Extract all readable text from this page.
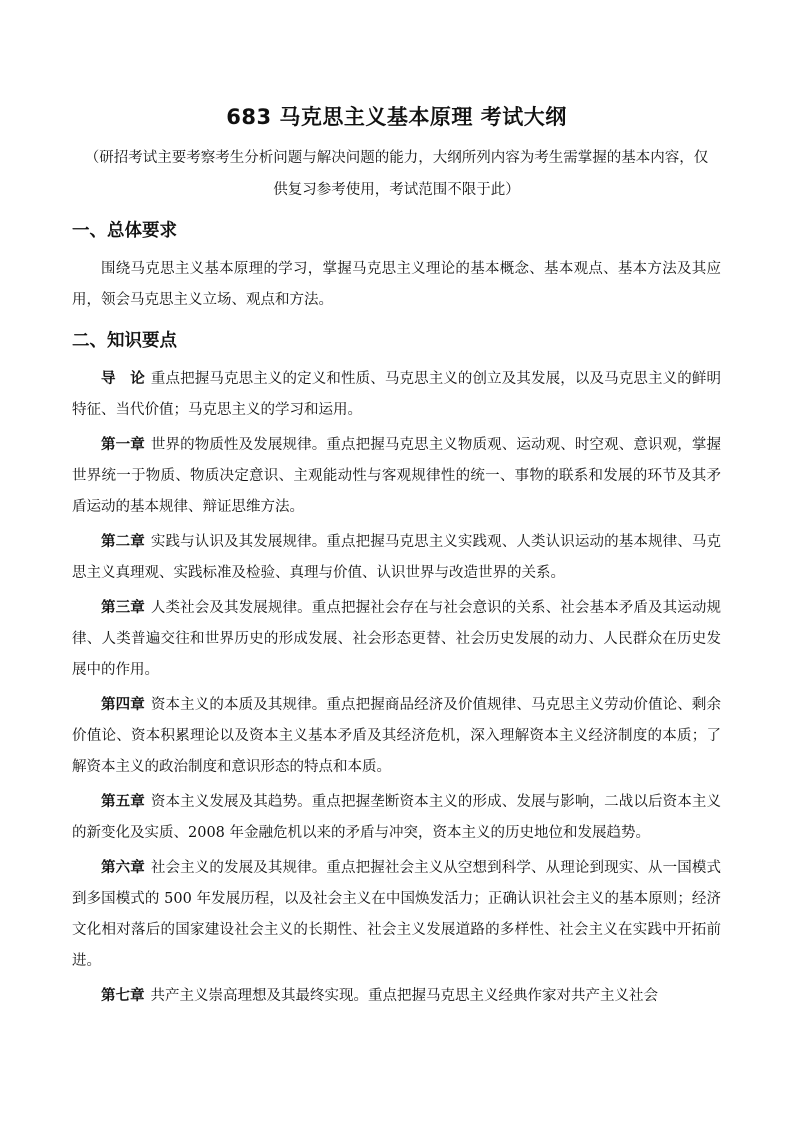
683 马克思主义基本原理 考试大纲
（研招考试主要考察考生分析问题与解决问题的能力，大纲所列内容为考生需掌握的基本内容，仅供复习参考使用，考试范围不限于此）
一、总体要求

围绕马克思主义基本原理的学习，掌握马克思主义理论的基本概念、基本观点、基本方法及其应用，领会马克思主义立场、观点和方法。

二、知识要点

导　论 重点把握马克思主义的定义和性质、马克思主义的创立及其发展，以及马克思主义的鲜明特征、当代价值；马克思主义的学习和运用。

第一章 世界的物质性及发展规律。重点把握马克思主义物质观、运动观、时空观、意识观，掌握世界统一于物质、物质决定意识、主观能动性与客观规律性的统一、事物的联系和发展的环节及其矛盾运动的基本规律、辩证思维方法。

第二章 实践与认识及其发展规律。重点把握马克思主义实践观、人类认识运动的基本规律、马克思主义真理观、实践标准及检验、真理与价值、认识世界与改造世界的关系。

第三章 人类社会及其发展规律。重点把握社会存在与社会意识的关系、社会基本矛盾及其运动规律、人类普遍交往和世界历史的形成发展、社会形态更替、社会历史发展的动力、人民群众在历史发展中的作用。

第四章 资本主义的本质及其规律。重点把握商品经济及价值规律、马克思主义劳动价值论、剩余价值论、资本积累理论以及资本主义基本矛盾及其经济危机，深入理解资本主义经济制度的本质；了解资本主义的政治制度和意识形态的特点和本质。

第五章 资本主义发展及其趋势。重点把握垄断资本主义的形成、发展与影响，二战以后资本主义的新变化及实质、2008 年金融危机以来的矛盾与冲突，资本主义的历史地位和发展趋势。

第六章 社会主义的发展及其规律。重点把握社会主义从空想到科学、从理论到现实、从一国模式到多国模式的 500 年发展历程，以及社会主义在中国焕发活力；正确认识社会主义的基本原则；经济文化相对落后的国家建设社会主义的长期性、社会主义发展道路的多样性、社会主义在实践中开拓前进。

第七章 共产主义崇高理想及其最终实现。重点把握马克思主义经典作家对共产主义社会
